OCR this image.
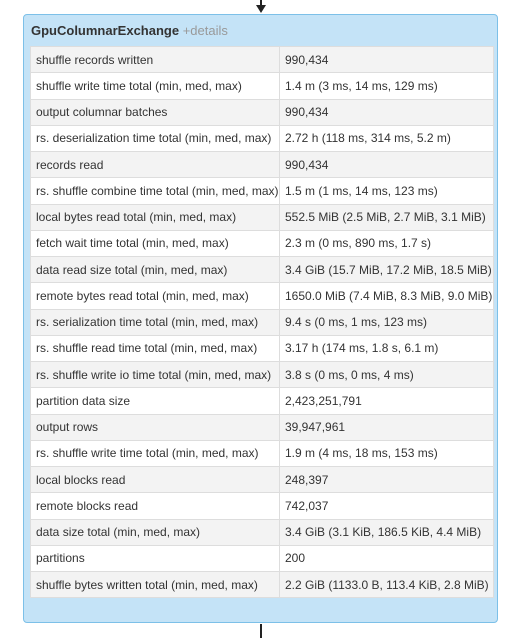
GpuColumnarExchange +details
shuffle records written	990,434
shuffle write time total (min, med, max)	1.4 m (3 ms, 14 ms, 129 ms)
output columnar batches	990,434
rs. deserialization time total (min, med, max)	2.72 h (118 ms, 314 ms, 5.2 m)
records read	990,434
rs. shuffle combine time total (min, med, max)	1.5 m (1 ms, 14 ms, 123 ms)
local bytes read total (min, med, max)	552.5 MiB (2.5 MiB, 2.7 MiB, 3.1 MiB)
fetch wait time total (min, med, max)	2.3 m (0 ms, 890 ms, 1.7 s)
data read size total (min, med, max)	3.4 GiB (15.7 MiB, 17.2 MiB, 18.5 MiB)
remote bytes read total (min, med, max)	1650.0 MiB (7.4 MiB, 8.3 MiB, 9.0 MiB)
rs. serialization time total (min, med, max)	9.4 s (0 ms, 1 ms, 123 ms)
rs. shuffle read time total (min, med, max)	3.17 h (174 ms, 1.8 s, 6.1 m)
rs. shuffle write io time total (min, med, max)	3.8 s (0 ms, 0 ms, 4 ms)
partition data size	2,423,251,791
output rows	39,947,961
rs. shuffle write time total (min, med, max)	1.9 m (4 ms, 18 ms, 153 ms)
local blocks read	248,397
remote blocks read	742,037
data size total (min, med, max)	3.4 GiB (3.1 KiB, 186.5 KiB, 4.4 MiB)
partitions	200
shuffle bytes written total (min, med, max)	2.2 GiB (1133.0 B, 113.4 KiB, 2.8 MiB)
